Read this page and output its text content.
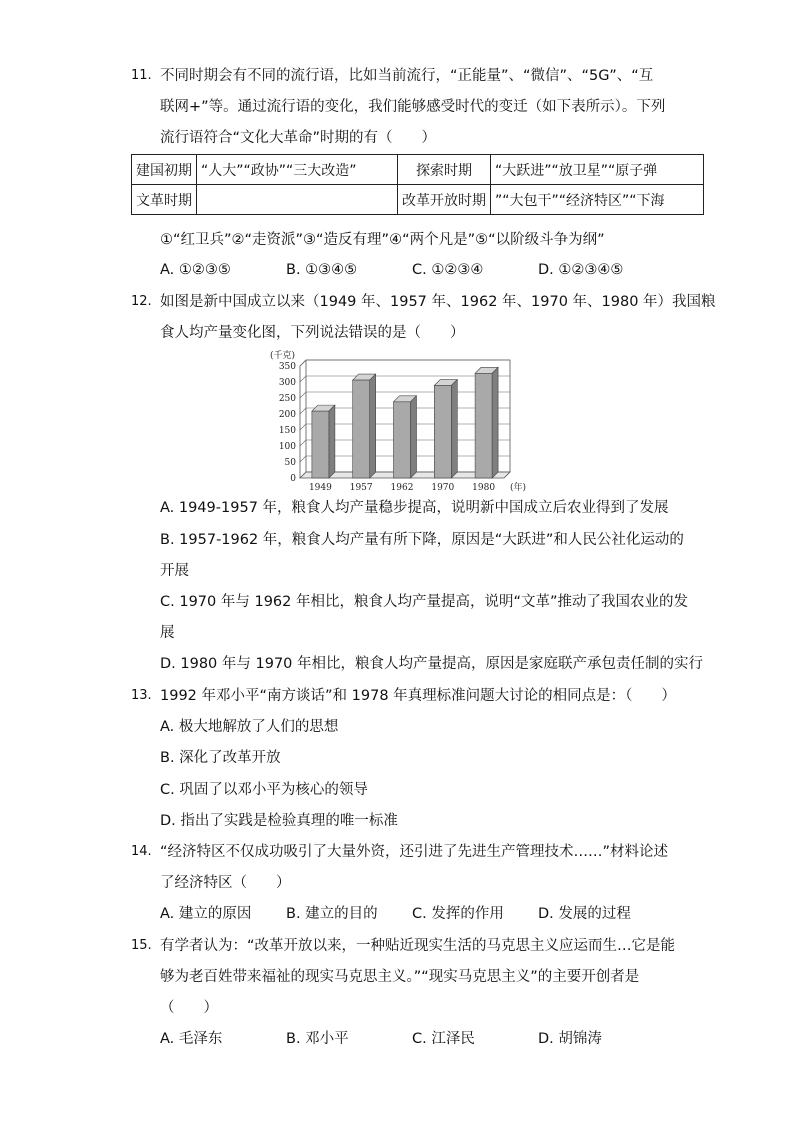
11. 不同时期会有不同的流行语，比如当前流行，“正能量”、“微信”、“5G”、“互
联网+”等。通过流行语的变化，我们能够感受时代的变迁（如下表所示）。下列
流行语符合“文化大革命”时期的有（　　）
建国初期	“人大”“政协”“三大改造”	探索时期	“大跃进”“放卫星”“原子弹
文革时期		改革开放时期	”“大包干”“经济特区”“下海
①“红卫兵”②“走资派”③“造反有理”④“两个凡是”⑤“以阶级斗争为纲”
A. ①②③⑤	B. ①③④⑤	C. ①②③④	D. ①②③④⑤
12. 如图是新中国成立以来（1949 年、1957 年、1962 年、1970 年、1980 年）我国粮
食人均产量变化图，下列说法错误的是（　　）
0
50
100
150
200
250
300
350
(千克)
(年)
1949 1957 1962 1970 1980
A. 1949-1957 年，粮食人均产量稳步提高，说明新中国成立后农业得到了发展
B. 1957-1962 年，粮食人均产量有所下降，原因是“大跃进”和人民公社化运动的
开展
C. 1970 年与 1962 年相比，粮食人均产量提高，说明“文革”推动了我国农业的发
展
D. 1980 年与 1970 年相比，粮食人均产量提高，原因是家庭联产承包责任制的实行
13. 1992 年邓小平“南方谈话”和 1978 年真理标准问题大讨论的相同点是：（　　）
A. 极大地解放了人们的思想
B. 深化了改革开放
C. 巩固了以邓小平为核心的领导
D. 指出了实践是检验真理的唯一标准
14. “经济特区不仅成功吸引了大量外资，还引进了先进生产管理技术……”材料论述
了经济特区（　　）
A. 建立的原因 B. 建立的目的 C. 发挥的作用 D. 发展的过程
15. 有学者认为：“改革开放以来，一种贴近现实生活的马克思主义应运而生…它是能
够为老百姓带来福祉的现实马克思主义。”“现实马克思主义”的主要开创者是
（　　）
A. 毛泽东	B. 邓小平	C. 江泽民	D. 胡锦涛
